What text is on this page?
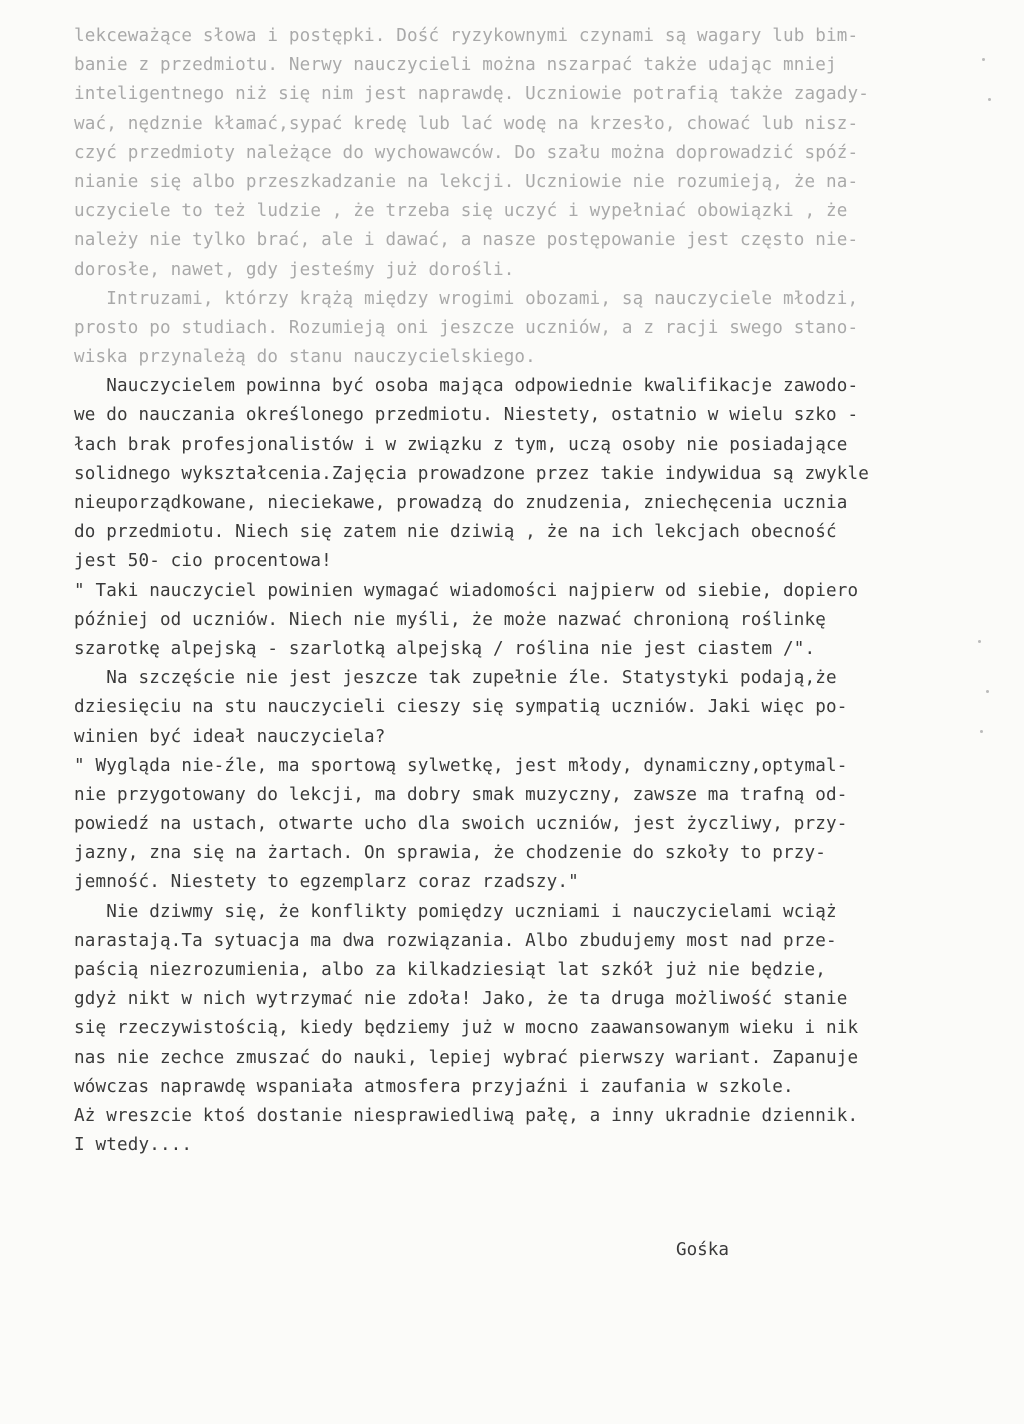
lekceważące słowa i postępki. Dość ryzykownymi czynami są wagary lub bim-
banie z przedmiotu. Nerwy nauczycieli można nszarpać także udając mniej
inteligentnego niż się nim jest naprawdę. Uczniowie potrafią także zagady-
wać, nędznie kłamać,sypać kredę lub lać wodę na krzesło, chować lub nisz-
czyć przedmioty należące do wychowawców. Do szału można doprowadzić spóź-
nianie się albo przeszkadzanie na lekcji. Uczniowie nie rozumieją, że na-
uczyciele to też ludzie , że trzeba się uczyć i wypełniać obowiązki , że
należy nie tylko brać, ale i dawać, a nasze postępowanie jest często nie-
dorosłe, nawet, gdy jesteśmy już dorośli.
Intruzami, którzy krążą między wrogimi obozami, są nauczyciele młodzi,
prosto po studiach. Rozumieją oni jeszcze uczniów, a z racji swego stano-
wiska przynależą do stanu nauczycielskiego.
Nauczycielem powinna być osoba mająca odpowiednie kwalifikacje zawodo-
we do nauczania określonego przedmiotu. Niestety, ostatnio w wielu szko -
łach brak profesjonalistów i w związku z tym, uczą osoby nie posiadające
solidnego wykształcenia.Zajęcia prowadzone przez takie indywidua są zwykle
nieuporządkowane, nieciekawe, prowadzą do znudzenia, zniechęcenia ucznia
do przedmiotu. Niech się zatem nie dziwią , że na ich lekcjach obecność
jest 50- cio procentowa!
" Taki nauczyciel powinien wymagać wiadomości najpierw od siebie, dopiero
później od uczniów. Niech nie myśli, że może nazwać chronioną roślinkę
szarotkę alpejską - szarlotką alpejską / roślina nie jest ciastem /".
Na szczęście nie jest jeszcze tak zupełnie źle. Statystyki podają,że
dziesięciu na stu nauczycieli cieszy się sympatią uczniów. Jaki więc po-
winien być ideał nauczyciela?
" Wygląda nie-źle, ma sportową sylwetkę, jest młody, dynamiczny,optymal-
nie przygotowany do lekcji, ma dobry smak muzyczny, zawsze ma trafną od-
powiedź na ustach, otwarte ucho dla swoich uczniów, jest życzliwy, przy-
jazny, zna się na żartach. On sprawia, że chodzenie do szkoły to przy-
jemność. Niestety to egzemplarz coraz rzadszy."
Nie dziwmy się, że konflikty pomiędzy uczniami i nauczycielami wciąż
narastają.Ta sytuacja ma dwa rozwiązania. Albo zbudujemy most nad prze-
paścią niezrozumienia, albo za kilkadziesiąt lat szkół już nie będzie,
gdyż nikt w nich wytrzymać nie zdoła! Jako, że ta druga możliwość stanie
się rzeczywistością, kiedy będziemy już w mocno zaawansowanym wieku i nik
nas nie zechce zmuszać do nauki, lepiej wybrać pierwszy wariant. Zapanuje
wówczas naprawdę wspaniała atmosfera przyjaźni i zaufania w szkole.
Aż wreszcie ktoś dostanie niesprawiedliwą pałę, a inny ukradnie dziennik.
I wtedy....
Gośka
